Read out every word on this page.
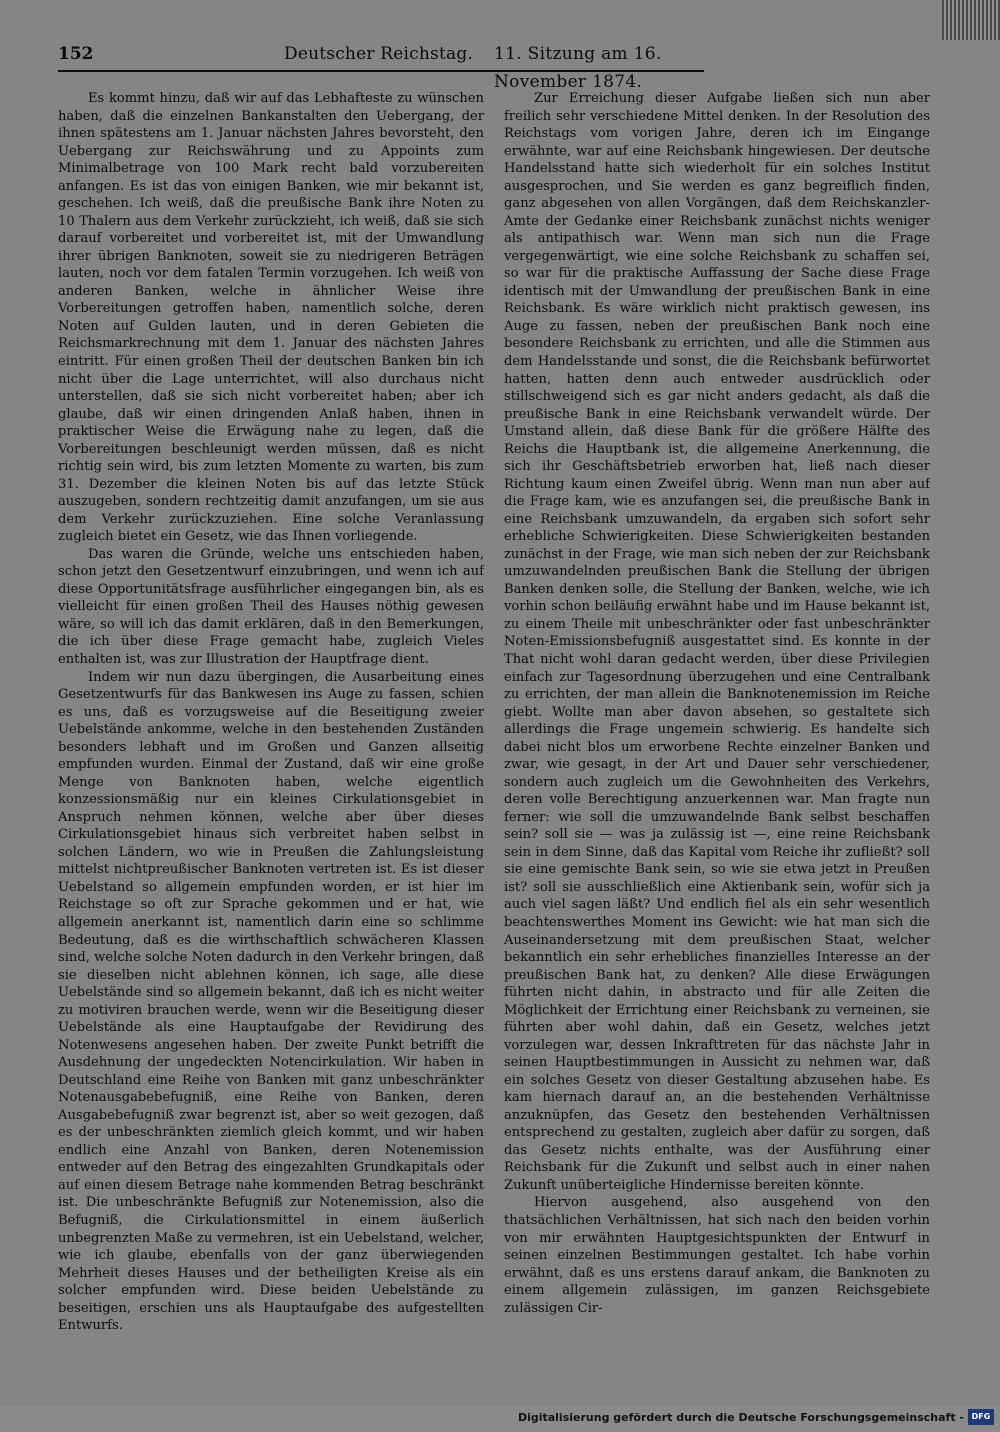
152	Deutscher Reichstag. 11. Sitzung am 16. November 1874.

Es kommt hinzu, daß wir auf das Lebhafteste zu wünschen haben, daß die einzelnen Bankanstalten den Uebergang, der ihnen spätestens am 1. Januar nächsten Jahres bevorsteht, den Uebergang zur Reichswährung und zu Appoints zum Minimalbetrage von 100 Mark recht bald vorzubereiten anfangen. Es ist das von einigen Banken, wie mir bekannt ist, geschehen. Ich weiß, daß die preußische Bank ihre Noten zu 10 Thalern aus dem Verkehr zurückzieht, ich weiß, daß sie sich darauf vorbereitet und vorbereitet ist, mit der Umwandlung ihrer übrigen Banknoten, soweit sie zu niedrigeren Beträgen lauten, noch vor dem fatalen Termin vorzugehen. Ich weiß von anderen Banken, welche in ähnlicher Weise ihre Vorbereitungen getroffen haben, namentlich solche, deren Noten auf Gulden lauten, und in deren Gebieten die Reichsmarkrechnung mit dem 1. Januar des nächsten Jahres eintritt. Für einen großen Theil der deutschen Banken bin ich nicht über die Lage unterrichtet, will also durchaus nicht unterstellen, daß sie sich nicht vorbereitet haben; aber ich glaube, daß wir einen dringenden Anlaß haben, ihnen in praktischer Weise die Erwägung nahe zu legen, daß die Vorbereitungen beschleunigt werden müssen, daß es nicht richtig sein wird, bis zum letzten Momente zu warten, bis zum 31. Dezember die kleinen Noten bis auf das letzte Stück auszugeben, sondern rechtzeitig damit anzufangen, um sie aus dem Verkehr zurückzuziehen. Eine solche Veranlassung zugleich bietet ein Gesetz, wie das Ihnen vorliegende.

Das waren die Gründe, welche uns entschieden haben, schon jetzt den Gesetzentwurf einzubringen, und wenn ich auf diese Opportunitätsfrage ausführlicher eingegangen bin, als es vielleicht für einen großen Theil des Hauses nöthig gewesen wäre, so will ich das damit erklären, daß in den Bemerkungen, die ich über diese Frage gemacht habe, zugleich Vieles enthalten ist, was zur Illustration der Hauptfrage dient.

Indem wir nun dazu übergingen, die Ausarbeitung eines Gesetzentwurfs für das Bankwesen ins Auge zu fassen, schien es uns, daß es vorzugsweise auf die Beseitigung zweier Uebelstände ankomme, welche in den bestehenden Zuständen besonders lebhaft und im Großen und Ganzen allseitig empfunden wurden. Einmal der Zustand, daß wir eine große Menge von Banknoten haben, welche eigentlich konzessionsmäßig nur ein kleines Cirkulationsgebiet in Anspruch nehmen können, welche aber über dieses Cirkulationsgebiet hinaus sich verbreitet haben selbst in solchen Ländern, wo wie in Preußen die Zahlungsleistung mittelst nichtpreußischer Banknoten vertreten ist. Es ist dieser Uebelstand so allgemein empfunden worden, er ist hier im Reichstage so oft zur Sprache gekommen und er hat, wie allgemein anerkannt ist, namentlich darin eine so schlimme Bedeutung, daß es die wirthschaftlich schwächeren Klassen sind, welche solche Noten dadurch in den Verkehr bringen, daß sie dieselben nicht ablehnen können, ich sage, alle diese Uebelstände sind so allgemein bekannt, daß ich es nicht weiter zu motiviren brauchen werde, wenn wir die Beseitigung dieser Uebelstände als eine Hauptaufgabe der Revidirung des Notenwesens angesehen haben. Der zweite Punkt betrifft die Ausdehnung der ungedeckten Notencirkulation. Wir haben in Deutschland eine Reihe von Banken mit ganz unbeschränkter Notenausgabebefugniß, eine Reihe von Banken, deren Ausgabebefugniß zwar begrenzt ist, aber so weit gezogen, daß es der unbeschränkten ziemlich gleich kommt, und wir haben endlich eine Anzahl von Banken, deren Notenemission entweder auf den Betrag des eingezahlten Grundkapitals oder auf einen diesem Betrage nahe kommenden Betrag beschränkt ist. Die unbeschränkte Befugniß zur Notenemission, also die Befugniß, die Cirkulationsmittel in einem äußerlich unbegrenzten Maße zu vermehren, ist ein Uebelstand, welcher, wie ich glaube, ebenfalls von der ganz überwiegenden Mehrheit dieses Hauses und der betheiligten Kreise als ein solcher empfunden wird. Diese beiden Uebelstände zu beseitigen, erschien uns als Hauptaufgabe des aufgestellten Entwurfs.

Zur Erreichung dieser Aufgabe ließen sich nun aber freilich sehr verschiedene Mittel denken. In der Resolution des Reichstags vom vorigen Jahre, deren ich im Eingange erwähnte, war auf eine Reichsbank hingewiesen. Der deutsche Handelsstand hatte sich wiederholt für ein solches Institut ausgesprochen, und Sie werden es ganz begreiflich finden, ganz abgesehen von allen Vorgängen, daß dem Reichskanzler-Amte der Gedanke einer Reichsbank zunächst nichts weniger als antipathisch war. Wenn man sich nun die Frage vergegenwärtigt, wie eine solche Reichsbank zu schaffen sei, so war für die praktische Auffassung der Sache diese Frage identisch mit der Umwandlung der preußischen Bank in eine Reichsbank. Es wäre wirklich nicht praktisch gewesen, ins Auge zu fassen, neben der preußischen Bank noch eine besondere Reichsbank zu errichten, und alle die Stimmen aus dem Handelsstande und sonst, die die Reichsbank befürwortet hatten, hatten denn auch entweder ausdrücklich oder stillschweigend sich es gar nicht anders gedacht, als daß die preußische Bank in eine Reichsbank verwandelt würde. Der Umstand allein, daß diese Bank für die größere Hälfte des Reichs die Hauptbank ist, die allgemeine Anerkennung, die sich ihr Geschäftsbetrieb erworben hat, ließ nach dieser Richtung kaum einen Zweifel übrig. Wenn man nun aber auf die Frage kam, wie es anzufangen sei, die preußische Bank in eine Reichsbank umzuwandeln, da ergaben sich sofort sehr erhebliche Schwierigkeiten. Diese Schwierigkeiten bestanden zunächst in der Frage, wie man sich neben der zur Reichsbank umzuwandelnden preußischen Bank die Stellung der übrigen Banken denken solle, die Stellung der Banken, welche, wie ich vorhin schon beiläufig erwähnt habe und im Hause bekannt ist, zu einem Theile mit unbeschränkter oder fast unbeschränkter Noten-Emissionsbefugniß ausgestattet sind. Es konnte in der That nicht wohl daran gedacht werden, über diese Privilegien einfach zur Tagesordnung überzugehen und eine Centralbank zu errichten, der man allein die Banknotenemission im Reiche giebt. Wollte man aber davon absehen, so gestaltete sich allerdings die Frage ungemein schwierig. Es handelte sich dabei nicht blos um erworbene Rechte einzelner Banken und zwar, wie gesagt, in der Art und Dauer sehr verschiedener, sondern auch zugleich um die Gewohnheiten des Verkehrs, deren volle Berechtigung anzuerkennen war. Man fragte nun ferner: wie soll die umzuwandelnde Bank selbst beschaffen sein? soll sie — was ja zulässig ist —, eine reine Reichsbank sein in dem Sinne, daß das Kapital vom Reiche ihr zufließt? soll sie eine gemischte Bank sein, so wie sie etwa jetzt in Preußen ist? soll sie ausschließlich eine Aktienbank sein, wofür sich ja auch viel sagen läßt? Und endlich fiel als ein sehr wesentlich beachtenswerthes Moment ins Gewicht: wie hat man sich die Auseinandersetzung mit dem preußischen Staat, welcher bekanntlich ein sehr erhebliches finanzielles Interesse an der preußischen Bank hat, zu denken? Alle diese Erwägungen führten nicht dahin, in abstracto und für alle Zeiten die Möglichkeit der Errichtung einer Reichsbank zu verneinen, sie führten aber wohl dahin, daß ein Gesetz, welches jetzt vorzulegen war, dessen Inkrafttreten für das nächste Jahr in seinen Hauptbestimmungen in Aussicht zu nehmen war, daß ein solches Gesetz von dieser Gestaltung abzusehen habe. Es kam hiernach darauf an, an die bestehenden Verhältnisse anzuknüpfen, das Gesetz den bestehenden Verhältnissen entsprechend zu gestalten, zugleich aber dafür zu sorgen, daß das Gesetz nichts enthalte, was der Ausführung einer Reichsbank für die Zukunft und selbst auch in einer nahen Zukunft unüberteigliche Hindernisse bereiten könnte.

Hiervon ausgehend, also ausgehend von den thatsächlichen Verhältnissen, hat sich nach den beiden vorhin von mir erwähnten Hauptgesichtspunkten der Entwurf in seinen einzelnen Bestimmungen gestaltet. Ich habe vorhin erwähnt, daß es uns erstens darauf ankam, die Banknoten zu einem allgemein zulässigen, im ganzen Reichsgebiete zulässigen Cir-

Digitalisierung gefördert durch die Deutsche Forschungsgemeinschaft - DFG
